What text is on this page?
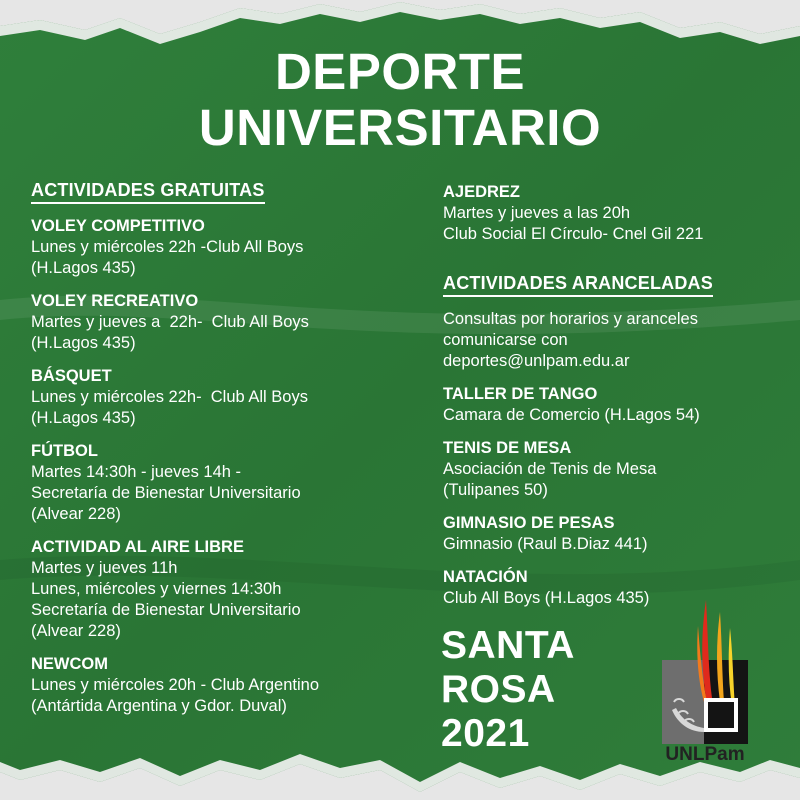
DEPORTE
UNIVERSITARIO
ACTIVIDADES GRATUITAS
VOLEY COMPETITIVO
Lunes y miércoles 22h -Club All Boys
(H.Lagos 435)
VOLEY RECREATIVO
Martes y jueves a  22h-  Club All Boys
(H.Lagos 435)
BÁSQUET
Lunes y miércoles 22h-  Club All Boys
(H.Lagos 435)
FÚTBOL
Martes 14:30h - jueves 14h -
Secretaría de Bienestar Universitario
(Alvear 228)
ACTIVIDAD AL AIRE LIBRE
Martes y jueves 11h
Lunes, miércoles y viernes 14:30h
Secretaría de Bienestar Universitario
(Alvear 228)
NEWCOM
Lunes y miércoles 20h - Club Argentino
(Antártida Argentina y Gdor. Duval)
AJEDREZ
Martes y jueves a las 20h
Club Social El Círculo- Cnel Gil 221
ACTIVIDADES ARANCELADAS
Consultas por horarios y aranceles
comunicarse con
deportes@unlpam.edu.ar
TALLER DE TANGO
Camara de Comercio (H.Lagos 54)
TENIS DE MESA
Asociación de Tenis de Mesa
(Tulipanes 50)
GIMNASIO DE PESAS
Gimnasio (Raul B.Diaz 441)
NATACIÓN
Club All Boys (H.Lagos 435)
SANTA
ROSA
2021	UNLPam
